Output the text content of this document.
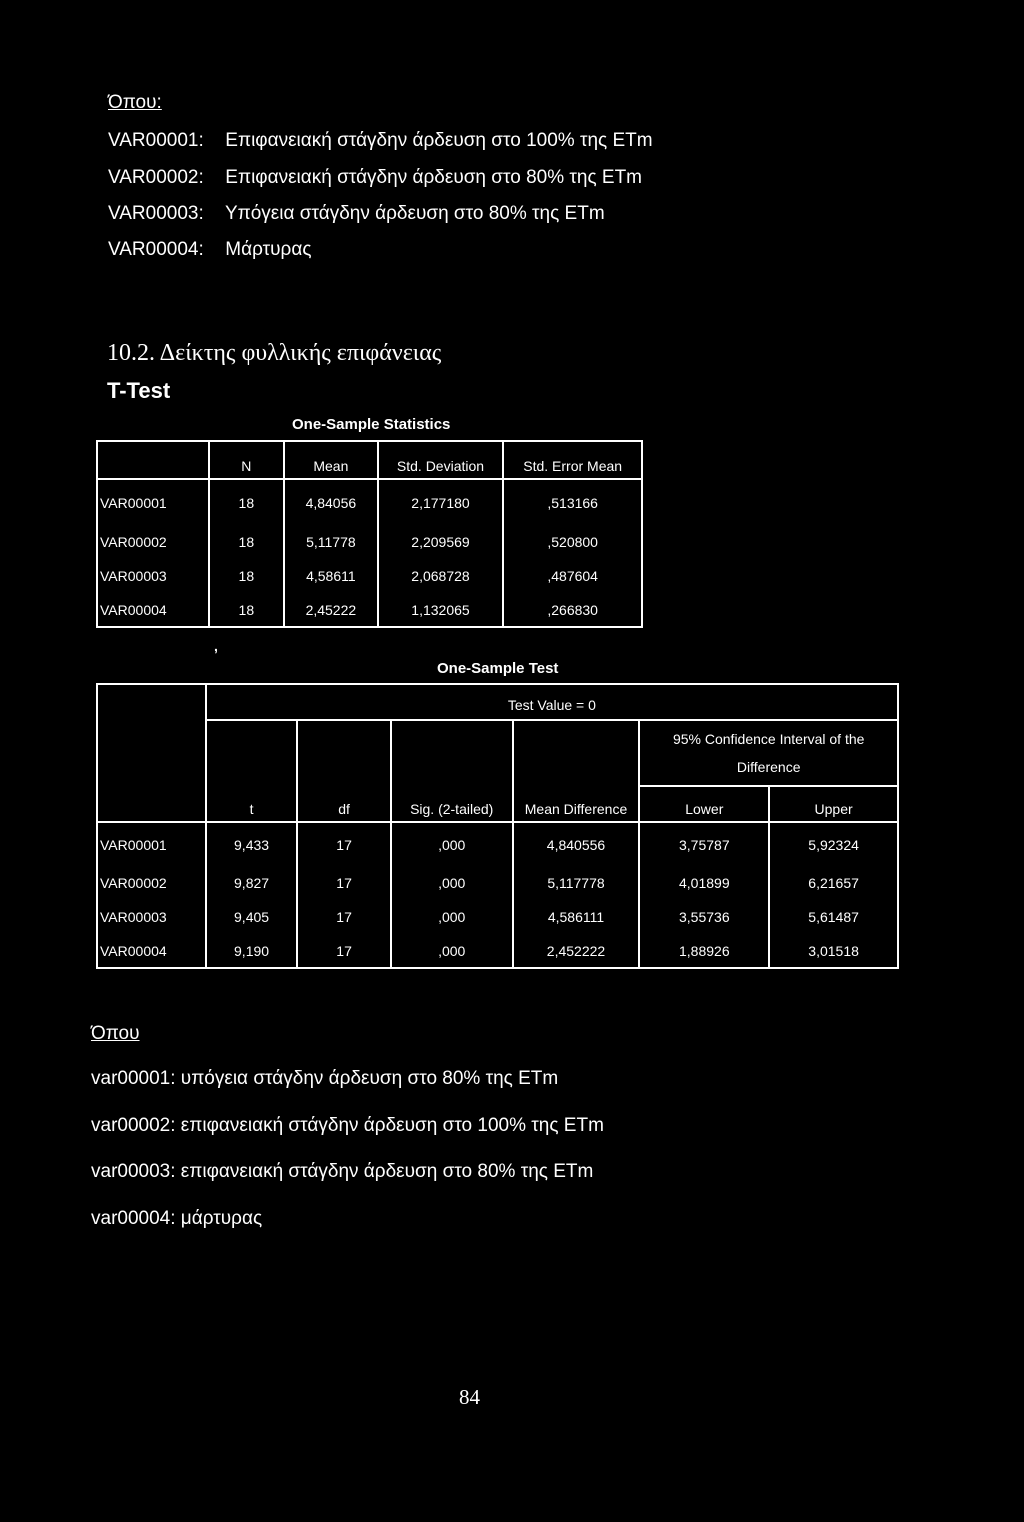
Όπου:
VAR00001: Επιφανειακή στάγδην άρδευση στο 100% της ETm
VAR00002: Επιφανειακή στάγδην άρδευση στο 80% της ETm
VAR00003: Υπόγεια στάγδην άρδευση στο 80% της ETm
VAR00004: Μάρτυρας
10.2. Δείκτης φυλλικής επιφάνειας
T-Test
One-Sample Statistics
	N	Mean	Std. Deviation	Std. Error Mean
VAR00001	18	4,84056	2,177180	,513166
VAR00002	18	5,11778	2,209569	,520800
VAR00003	18	4,58611	2,068728	,487604
VAR00004	18	2,45222	1,132065	,266830
,
One-Sample Test
	Test Value = 0					
	t	df	Sig. (2-tailed)	Mean Difference	95% Confidence Interval of the
Difference	
					Lower	Upper
VAR00001	9,433	17	,000	4,840556	3,75787	5,92324
VAR00002	9,827	17	,000	5,117778	4,01899	6,21657
VAR00003	9,405	17	,000	4,586111	3,55736	5,61487
VAR00004	9,190	17	,000	2,452222	1,88926	3,01518
Όπου
var00001: υπόγεια στάγδην άρδευση στο 80% της ETm
var00002: επιφανειακή στάγδην άρδευση στο 100% της ETm
var00003: επιφανειακή στάγδην άρδευση στο 80% της ETm
var00004: μάρτυρας
84
